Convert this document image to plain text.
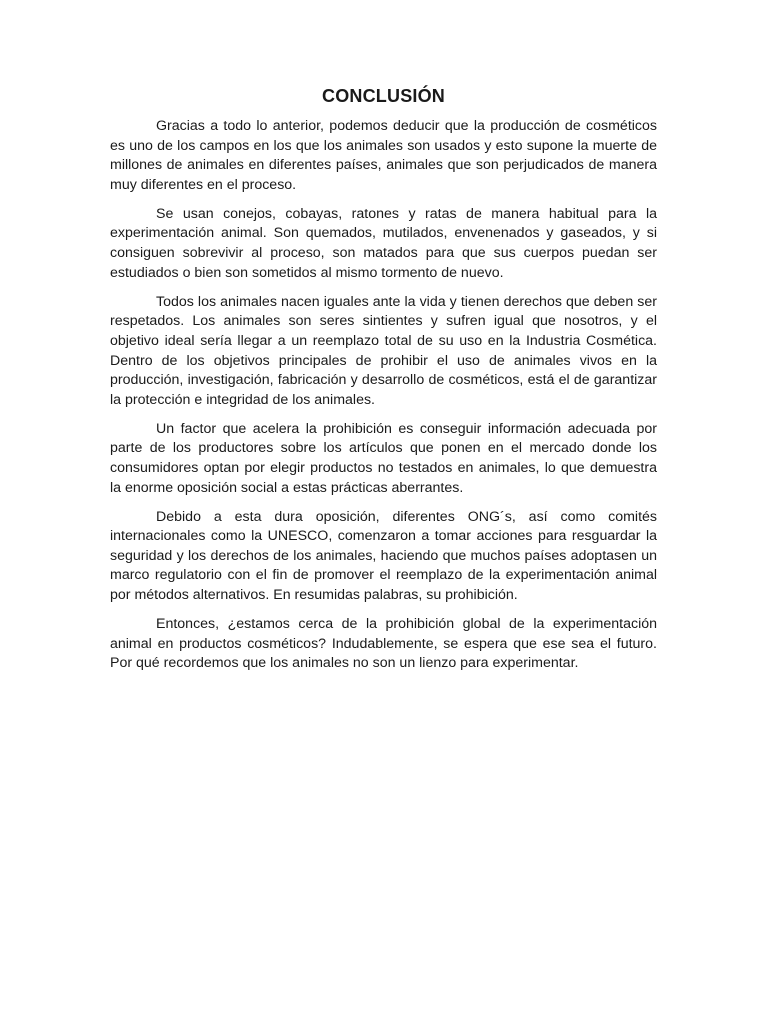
CONCLUSIÓN

Gracias a todo lo anterior, podemos deducir que la producción de cosméticos es uno de los campos en los que los animales son usados y esto supone la muerte de millones de animales en diferentes países, animales que son perjudicados de manera muy diferentes en el proceso.

Se usan conejos, cobayas, ratones y ratas de manera habitual para la experimentación animal. Son quemados, mutilados, envenenados y gaseados, y si consiguen sobrevivir al proceso, son matados para que sus cuerpos puedan ser estudiados o bien son sometidos al mismo tormento de nuevo.

Todos los animales nacen iguales ante la vida y tienen derechos que deben ser respetados. Los animales son seres sintientes y sufren igual que nosotros, y el objetivo ideal sería llegar a un reemplazo total de su uso en la Industria Cosmética. Dentro de los objetivos principales de prohibir el uso de animales vivos en la producción, investigación, fabricación y desarrollo de cosméticos, está el de garantizar la protección e integridad de los animales.

Un factor que acelera la prohibición es conseguir información adecuada por parte de los productores sobre los artículos que ponen en el mercado donde los consumidores optan por elegir productos no testados en animales, lo que demuestra la enorme oposición social a estas prácticas aberrantes.

Debido a esta dura oposición, diferentes ONG´s, así como comités internacionales como la UNESCO, comenzaron a tomar acciones para resguardar la seguridad y los derechos de los animales, haciendo que muchos países adoptasen un marco regulatorio con el fin de promover el reemplazo de la experimentación animal por métodos alternativos. En resumidas palabras, su prohibición.

Entonces, ¿estamos cerca de la prohibición global de la experimentación animal en productos cosméticos? Indudablemente, se espera que ese sea el futuro. Por qué recordemos que los animales no son un lienzo para experimentar.
